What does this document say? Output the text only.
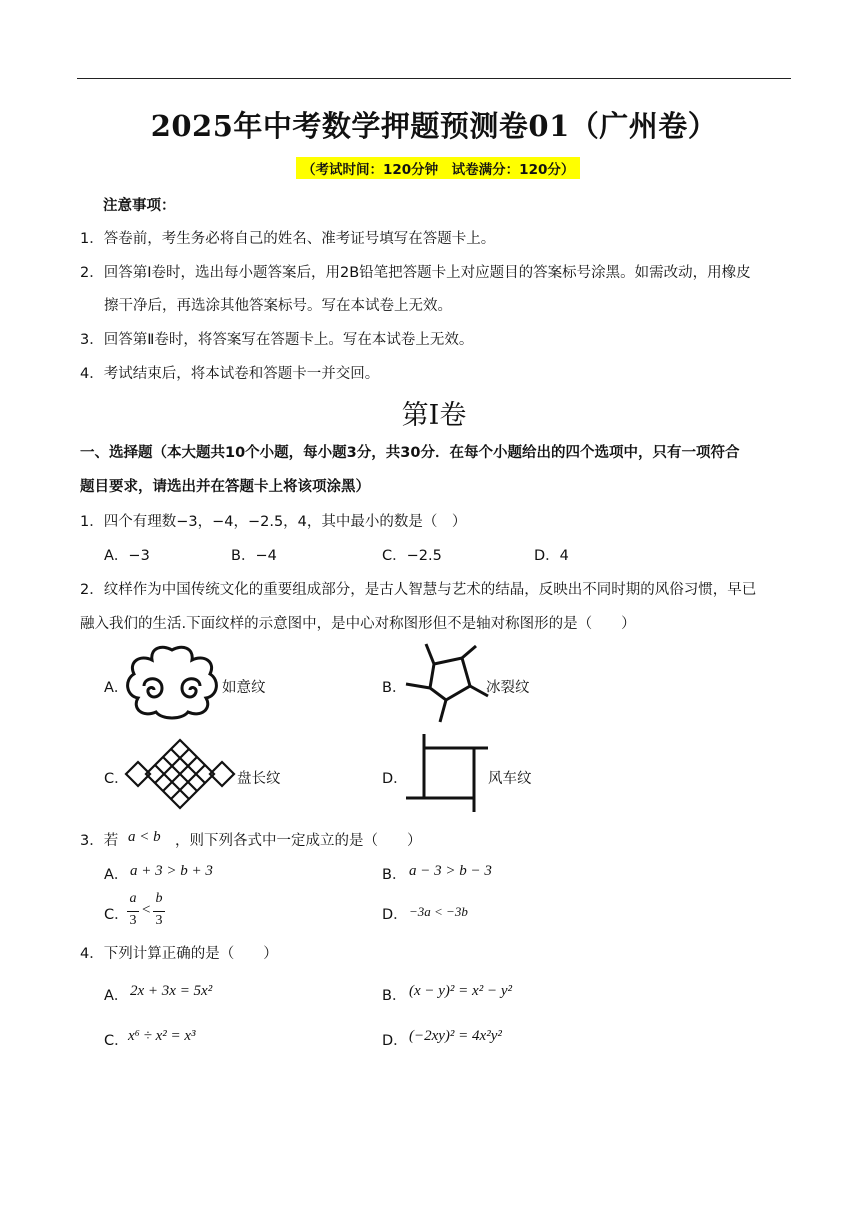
2025年中考数学押题预测卷01（广州卷）
（考试时间：120分钟　试卷满分：120分）
注意事项：
1．答卷前，考生务必将自己的姓名、准考证号填写在答题卡上。
2．回答第Ⅰ卷时，选出每小题答案后，用2B铅笔把答题卡上对应题目的答案标号涂黑。如需改动，用橡皮
擦干净后，再选涂其他答案标号。写在本试卷上无效。
3．回答第Ⅱ卷时，将答案写在答题卡上。写在本试卷上无效。
4．考试结束后，将本试卷和答题卡一并交回。
第Ⅰ卷
一、选择题（本大题共10个小题，每小题3分，共30分．在每个小题给出的四个选项中，只有一项符合
题目要求，请选出并在答题卡上将该项涂黑）
1．四个有理数−3，−4，−2.5，4，其中最小的数是（　）
A．−3	B．−4	C．−2.5	D．4
2．纹样作为中国传统文化的重要组成部分，是古人智慧与艺术的结晶，反映出不同时期的风俗习惯，早已
融入我们的生活.下面纹样的示意图中，是中心对称图形但不是轴对称图形的是（　　）
A．	如意纹	B．	冰裂纹
C．	盘长纹	D．	风车纹
3．若 a < b ，则下列各式中一定成立的是（　　）
A． a + 3 > b + 3	B． a − 3 > b − 3
C．
a
3
<
b
3	D． −3a < −3b
4．下列计算正确的是（　　）
A． 2x + 3x = 5x²	B． (x − y)² = x² − y²
C． x⁶ ÷ x² = x³	D． (−2xy)² = 4x²y²
